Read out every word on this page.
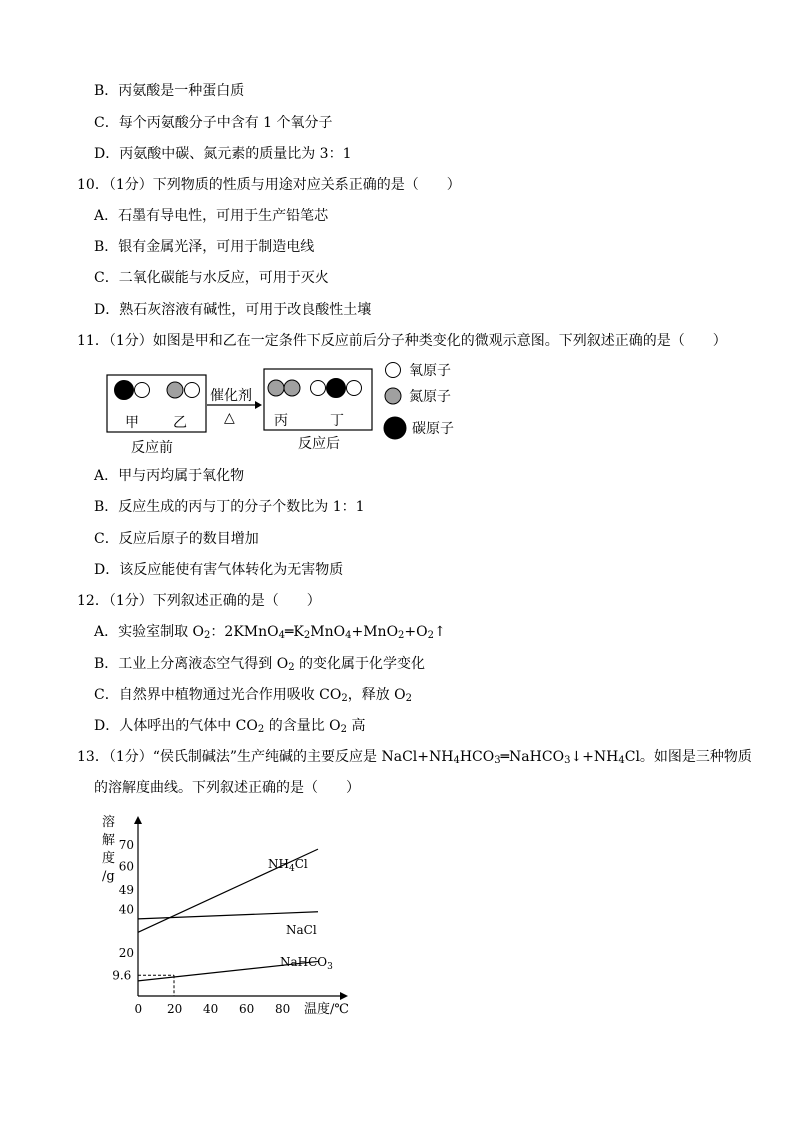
B．丙氨酸是一种蛋白质
C．每个丙氨酸分子中含有 1 个氧分子
D．丙氨酸中碳、氮元素的质量比为 3：1
10．（1分）下列物质的性质与用途对应关系正确的是（　　）
A．石墨有导电性，可用于生产铅笔芯
B．银有金属光泽，可用于制造电线
C．二氧化碳能与水反应，可用于灭火
D．熟石灰溶液有碱性，可用于改良酸性土壤
11．（1分）如图是甲和乙在一定条件下反应前后分子种类变化的微观示意图。下列叙述正确的是（　　）
甲 乙
反应前
催化剂
△	丙	丁
反应后
氧原子
氮原子
碳原子
A．甲与丙均属于氧化物
B．反应生成的丙与丁的分子个数比为 1：1
C．反应后原子的数目增加
D．该反应能使有害气体转化为无害物质
12．（1分）下列叙述正确的是（　　）
A．实验室制取 $O_2$：$2KMnO_4═K_2MnO_4+MnO_2+O_2↑$
B．工业上分离液态空气得到 $O_2$ 的变化属于化学变化
C．自然界中植物通过光合作用吸收 $CO_2$，释放 $O_2$
D．人体呼出的气体中 $CO_2$ 的含量比 $O_2$ 高
13．（1分）“侯氏制碱法”生产纯碱的主要反应是 $NaCl+NH_4HCO_3═NaHCO_3↓+NH_4Cl$。如图是三种物质
的溶解度曲线。下列叙述正确的是（　　）
溶
解
度
/g
温度/℃
0 20 40 60 80
9.6
20
40
49
60
70
$NH_4Cl$
NaCl
NaHCO$_3$
